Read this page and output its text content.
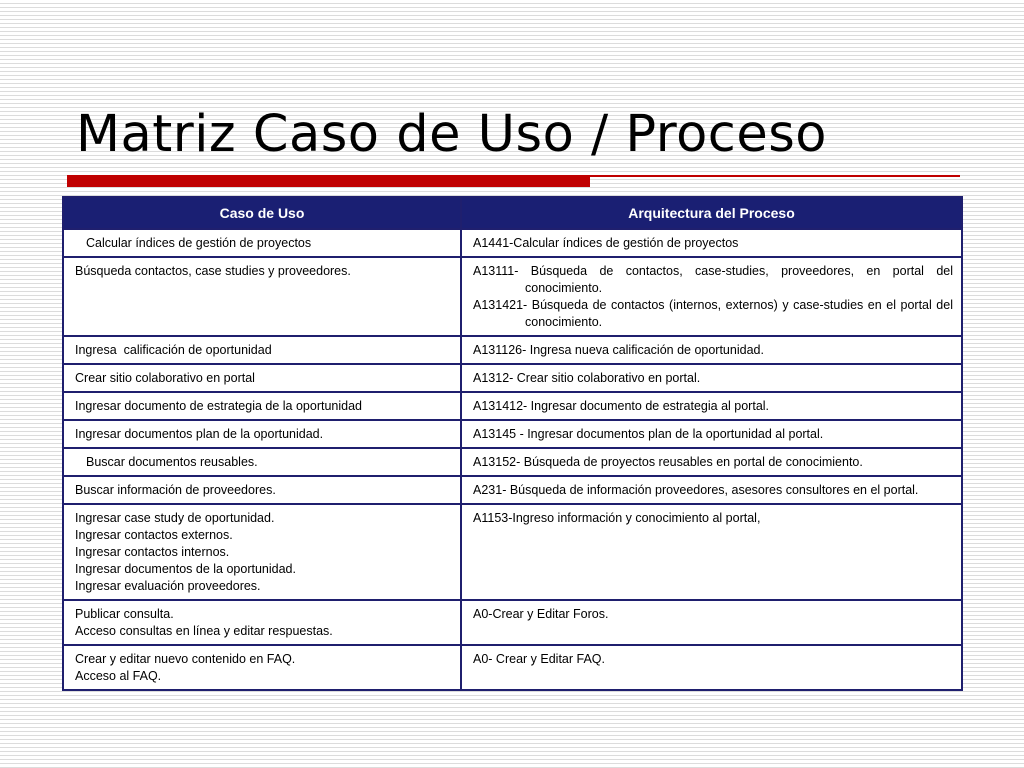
Matriz Caso de Uso / Proceso
Caso de Uso	Arquitectura del Proceso

Calcular índices de gestión de proyectos	A1441-Calcular índices de gestión de proyectos

Búsqueda contactos, case studies y proveedores.	A13111- Búsqueda de contactos, case-studies, proveedores, en portal del conocimiento.
A131421- Búsqueda de contactos (internos, externos) y case-studies en el portal del conocimiento.

Ingresa  calificación de oportunidad	A131126- Ingresa nueva calificación de oportunidad.

Crear sitio colaborativo en portal	A1312- Crear sitio colaborativo en portal.

Ingresar documento de estrategia de la oportunidad	A131412- Ingresar documento de estrategia al portal.

Ingresar documentos plan de la oportunidad.	A13145 - Ingresar documentos plan de la oportunidad al portal.

Buscar documentos reusables.	A13152- Búsqueda de proyectos reusables en portal de conocimiento.

Buscar información de proveedores.	A231- Búsqueda de información proveedores, asesores consultores en el portal.

Ingresar case study de oportunidad.
Ingresar contactos externos.
Ingresar contactos internos.
Ingresar documentos de la oportunidad.
Ingresar evaluación proveedores.	A1153-Ingreso información y conocimiento al portal,

Publicar consulta.
Acceso consultas en línea y editar respuestas.	A0-Crear y Editar Foros.

Crear y editar nuevo contenido en FAQ.
Acceso al FAQ.	A0- Crear y Editar FAQ.
